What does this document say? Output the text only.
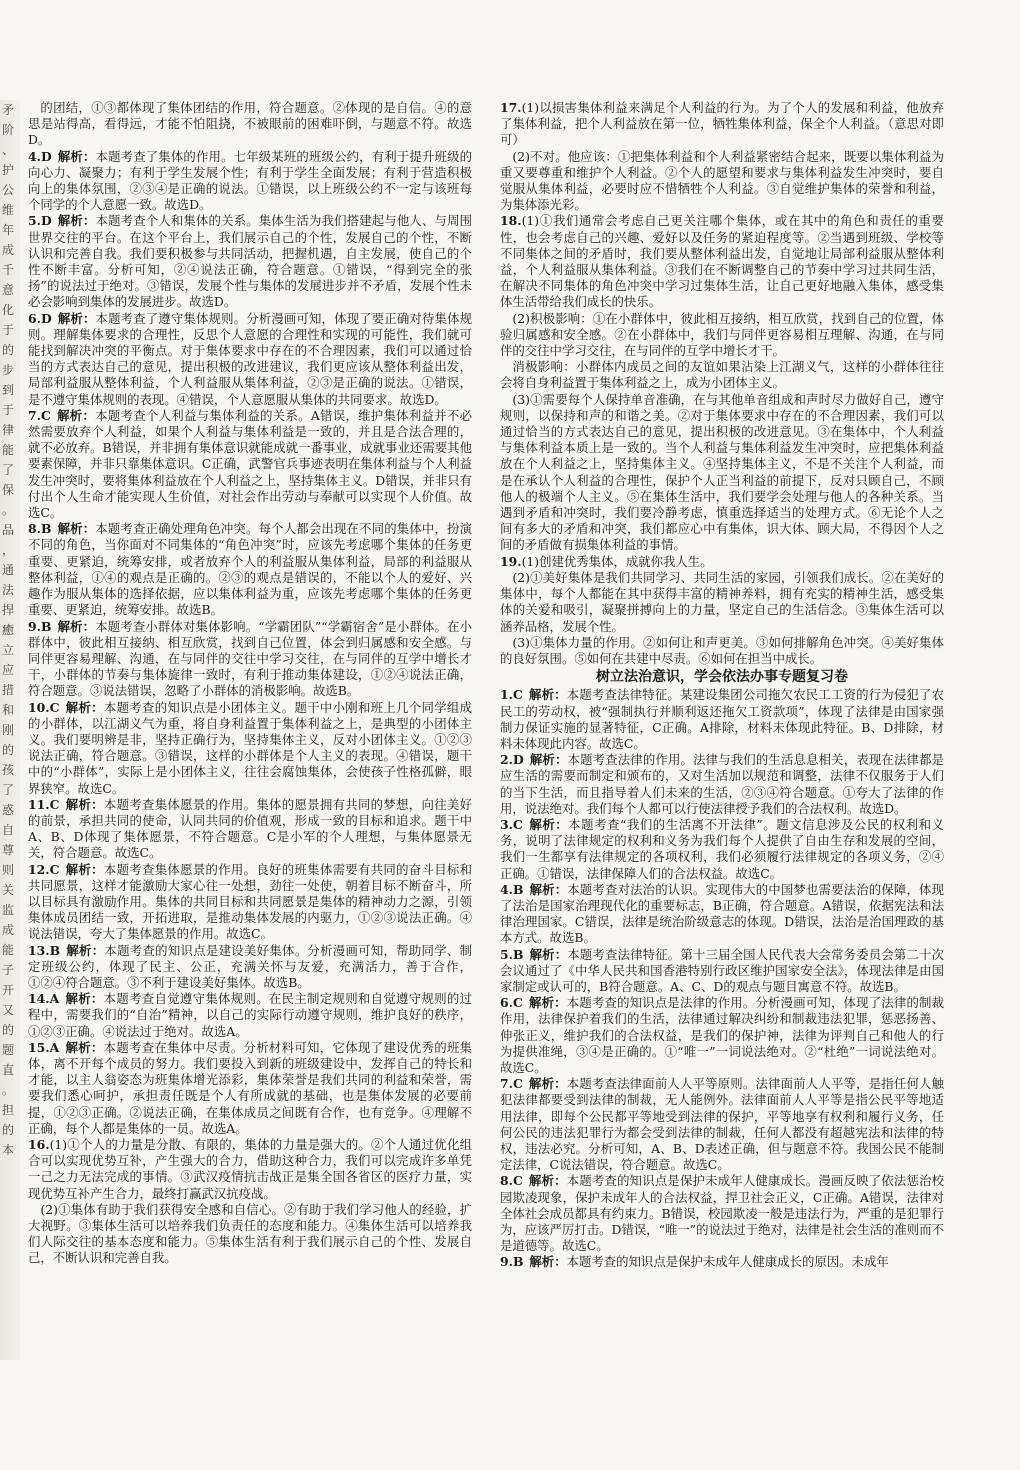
矛
阶
、
护
公
维
年
成
千
意
化
于
的
步
到
于
律
能
了
保
。
品
，
通
法
捍
癒
立
应
措
和
刚
的
孩
了
惑
自
尊
则
关
监
成
能
子
开
又
的
题
直
。
担
的
本

的团结，①③都体现了集体团结的作用，符合题意。②体现的是自信。④的意思是站得高，看得远，才能不怕阻挠，不被眼前的困难吓倒，与题意不符。故选D。

4.D 解析：本题考查了集体的作用。七年级某班的班级公约，有利于提升班级的向心力、凝聚力；有利于学生发展个性；有利于学生全面发展；有利于营造积极向上的集体氛围，②③④是正确的说法。①错误，以上班级公约不一定与该班每个同学的个人意愿一致。故选D。

5.D 解析：本题考查个人和集体的关系。集体生活为我们搭建起与他人、与周围世界交往的平台。在这个平台上，我们展示自己的个性，发展自己的个性，不断认识和完善自我。我们要积极参与共同活动，把握机遇，自主发展，使自己的个性不断丰富。分析可知，②④说法正确，符合题意。①错误，“得到完全的张扬”的说法过于绝对。③错误，发展个性与集体的发展进步并不矛盾，发展个性未必会影响到集体的发展进步。故选D。

6.D 解析：本题考查了遵守集体规则。分析漫画可知，体现了要正确对待集体规则。理解集体要求的合理性，反思个人意愿的合理性和实现的可能性，我们就可能找到解决冲突的平衡点。对于集体要求中存在的不合理因素，我们可以通过恰当的方式表达自己的意见，提出积极的改进建议，我们更应该从整体利益出发，局部利益服从整体利益，个人利益服从集体利益，②③是正确的说法。①错误，是不遵守集体规则的表现。④错误，个人意愿服从集体的共同要求。故选D。

7.C 解析：本题考查个人利益与集体利益的关系。A错误，维护集体利益并不必然需要放弃个人利益，如果个人利益与集体利益是一致的，并且是合法合理的，就不必放弃。B错误，并非拥有集体意识就能成就一番事业，成就事业还需要其他要素保障，并非只靠集体意识。C正确，武警官兵事迹表明在集体利益与个人利益发生冲突时，要将集体利益放在个人利益之上，坚持集体主义。D错误，并非只有付出个人生命才能实现人生价值，对社会作出劳动与奉献可以实现个人价值。故选C。

8.B 解析：本题考查正确处理角色冲突。每个人都会出现在不同的集体中，扮演不同的角色，当你面对不同集体的“角色冲突”时，应该先考虑哪个集体的任务更重要、更紧迫，统筹安排，或者放弃个人的利益服从集体利益，局部的利益服从整体利益，①④的观点是正确的。②③的观点是错误的，不能以个人的爱好、兴趣作为服从集体的选择依据，应以集体利益为重，应该先考虑哪个集体的任务更重要、更紧迫，统筹安排。故选B。

9.B 解析：本题考查小群体对集体影响。“学霸团队”“学霸宿舍”是小群体。在小群体中，彼此相互接纳、相互欣赏，找到自己位置，体会到归属感和安全感。与同伴更容易理解、沟通，在与同伴的交往中学习交往，在与同伴的互学中增长才干，小群体的节奏与集体旋律一致时，有利于推动集体建设，①②④说法正确，符合题意。③说法错误，忽略了小群体的消极影响。故选B。

10.C 解析：本题考查的知识点是小团体主义。题干中小刚和班上几个同学组成的小群体，以江湖义气为重，将自身利益置于集体利益之上，是典型的小团体主义。我们要明辨是非，坚持正确行为，坚持集体主义，反对小团体主义。①②③说法正确，符合题意。③错误，这样的小群体是个人主义的表现。④错误，题干中的“小群体”，实际上是小团体主义，往往会腐蚀集体，会使孩子性格孤僻，眼界狭窄。故选C。

11.C 解析：本题考查集体愿景的作用。集体的愿景拥有共同的梦想，向往美好的前景，承担共同的使命，认同共同的价值观，形成一致的目标和追求。题干中A、B、D体现了集体愿景，不符合题意。C是小军的个人理想，与集体愿景无关，符合题意。故选C。

12.C 解析：本题考查集体愿景的作用。良好的班集体需要有共同的奋斗目标和共同愿景，这样才能激励大家心往一处想，劲往一处使，朝着目标不断奋斗，所以目标具有激励作用。集体的共同目标和共同愿景是集体的精神动力之源，引领集体成员团结一致，开拓进取，是推动集体发展的内驱力，①②③说法正确。④说法错误，夸大了集体愿景的作用。故选C。

13.B 解析：本题考查的知识点是建设美好集体。分析漫画可知，帮助同学、制定班级公约，体现了民主、公正，充满关怀与友爱，充满活力，善于合作，①②④符合题意。③不利于建设美好集体。故选B。

14.A 解析：本题考查自觉遵守集体规则。在民主制定规则和自觉遵守规则的过程中，需要我们的“自治”精神，以自己的实际行动遵守规则，维护良好的秩序，①②③正确。④说法过于绝对。故选A。

15.A 解析：本题考查在集体中尽责。分析材料可知，它体现了建设优秀的班集体，离不开每个成员的努力。我们要投入到新的班级建设中，发挥自己的特长和才能，以主人翁姿态为班集体增光添彩，集体荣誉是我们共同的利益和荣誉，需要我们悉心呵护，承担责任既是个人有所成就的基础，也是集体发展的必要前提，①②③正确。②说法正确，在集体成员之间既有合作，也有竞争。④理解不正确，每个人都是集体的一员。故选A。

16.(1)①个人的力量是分散、有限的，集体的力量是强大的。②个人通过优化组合可以实现优势互补，产生强大的合力，借助这种合力，我们可以完成许多单凭一己之力无法完成的事情。③武汉疫情抗击战正是集全国各省区的医疗力量，实现优势互补产生合力，最终打赢武汉抗疫战。

(2)①集体有助于我们获得安全感和自信心。②有助于我们学习他人的经验，扩大视野。③集体生活可以培养我们负责任的态度和能力。④集体生活可以培养我们人际交往的基本态度和能力。⑤集体生活有利于我们展示自己的个性、发展自己，不断认识和完善自我。

17.(1)以损害集体利益来满足个人利益的行为。为了个人的发展和利益，他放弃了集体利益，把个人利益放在第一位，牺牲集体利益，保全个人利益。（意思对即可）

(2)不对。他应该：①把集体利益和个人利益紧密结合起来，既要以集体利益为重又要尊重和维护个人利益。②个人的愿望和要求与集体利益发生冲突时，要自觉服从集体利益，必要时应不惜牺牲个人利益。③自觉维护集体的荣誉和利益，为集体添光彩。

18.(1)①我们通常会考虑自己更关注哪个集体，或在其中的角色和责任的重要性，也会考虑自己的兴趣、爱好以及任务的紧迫程度等。②当遇到班级、学校等不同集体之间的矛盾时，我们要从整体利益出发，自觉地让局部利益服从整体利益，个人利益服从集体利益。③我们在不断调整自己的节奏中学习过共同生活，在解决不同集体的角色冲突中学习过集体生活，让自己更好地融入集体，感受集体生活带给我们成长的快乐。

(2)积极影响：①在小群体中，彼此相互接纳，相互欣赏，找到自己的位置，体验归属感和安全感。②在小群体中，我们与同伴更容易相互理解、沟通，在与同伴的交往中学习交往，在与同伴的互学中增长才干。

消极影响：小群体内成员之间的友谊如果沾染上江湖义气，这样的小群体往往会将自身利益置于集体利益之上，成为小团体主义。

(3)①需要每个人保持单音准确，在与其他单音组成和声时尽力做好自己，遵守规则，以保持和声的和谐之美。②对于集体要求中存在的不合理因素，我们可以通过恰当的方式表达自己的意见，提出积极的改进意见。③在集体中，个人利益与集体利益本质上是一致的。当个人利益与集体利益发生冲突时，应把集体利益放在个人利益之上，坚持集体主义。④坚持集体主义，不是不关注个人利益，而是在承认个人利益的合理性，保护个人正当利益的前提下，反对只顾自己，不顾他人的极端个人主义。⑤在集体生活中，我们要学会处理与他人的各种关系。当遇到矛盾和冲突时，我们要冷静考虑，慎重选择适当的处理方式。⑥无论个人之间有多大的矛盾和冲突，我们都应心中有集体，识大体、顾大局，不得因个人之间的矛盾做有损集体利益的事情。

19.(1)创建优秀集体，成就你我人生。

(2)①美好集体是我们共同学习、共同生活的家园，引领我们成长。②在美好的集体中，每个人都能在其中获得丰富的精神养料，拥有充实的精神生活，感受集体的关爱和吸引，凝聚拼搏向上的力量，坚定自己的生活信念。③集体生活可以涵养品格，发展个性。

(3)①集体力量的作用。②如何让和声更美。③如何排解角色冲突。④美好集体的良好氛围。⑤如何在共建中尽责。⑥如何在担当中成长。

树立法治意识，学会依法办事专题复习卷

1.C 解析：本题考查法律特征。某建设集团公司拖欠农民工工资的行为侵犯了农民工的劳动权，被“强制执行并顺利返还拖欠工资款项”，体现了法律是由国家强制力保证实施的显著特征，C正确。A排除，材料未体现此特征。B、D排除，材料未体现此内容。故选C。

2.D 解析：本题考查法律的作用。法律与我们的生活息息相关，表现在法律都是应生活的需要而制定和颁布的，又对生活加以规范和调整，法律不仅服务于人们的当下生活，而且指导着人们未来的生活，②③④符合题意。①夸大了法律的作用，说法绝对。我们每个人都可以行使法律授予我们的合法权利。故选D。

3.C 解析：本题考查“我们的生活离不开法律”。题文信息涉及公民的权利和义务，说明了法律规定的权利和义务为我们每个人提供了自由生存和发展的空间，我们一生都享有法律规定的各项权利，我们必须履行法律规定的各项义务，②④正确。①错误，法律保障人们的合法权益。故选C。

4.B 解析：本题考查对法治的认识。实现伟大的中国梦也需要法治的保障，体现了法治是国家治理现代化的重要标志，B正确，符合题意。A错误，依据宪法和法律治理国家。C错误，法律是统治阶级意志的体现。D错误，法治是治国理政的基本方式。故选B。

5.B 解析：本题考查法律特征。第十三届全国人民代表大会常务委员会第二十次会议通过了《中华人民共和国香港特别行政区维护国家安全法》，体现法律是由国家制定或认可的，B符合题意。A、C、D的观点与题目寓意不符。故选B。

6.C 解析：本题考查的知识点是法律的作用。分析漫画可知，体现了法律的制裁作用，法律保护着我们的生活，法律通过解决纠纷和制裁违法犯罪，惩恶扬善、伸张正义，维护我们的合法权益，是我们的保护神，法律为评判自己和他人的行为提供准绳，③④是正确的。①“唯一”一词说法绝对。②“杜绝”一词说法绝对。故选C。

7.C 解析：本题考查法律面前人人平等原则。法律面前人人平等，是指任何人触犯法律都要受到法律的制裁，无人能例外。法律面前人人平等是指公民平等地适用法律，即每个公民都平等地受到法律的保护，平等地享有权利和履行义务，任何公民的违法犯罪行为都会受到法律的制裁，任何人都没有超越宪法和法律的特权，违法必究。分析可知，A、B、D表述正确，但与题意不符。我国公民不能制定法律，C说法错误，符合题意。故选C。

8.C 解析：本题考查的知识点是保护未成年人健康成长。漫画反映了依法惩治校园欺凌现象，保护未成年人的合法权益，捍卫社会正义，C正确。A错误，法律对全体社会成员都具有约束力。B错误，校园欺凌一般是违法行为，严重的是犯罪行为，应该严厉打击。D错误，“唯一”的说法过于绝对，法律是社会生活的准则而不是道德等。故选C。

9.B 解析：本题考查的知识点是保护未成年人健康成长的原因。未成年
